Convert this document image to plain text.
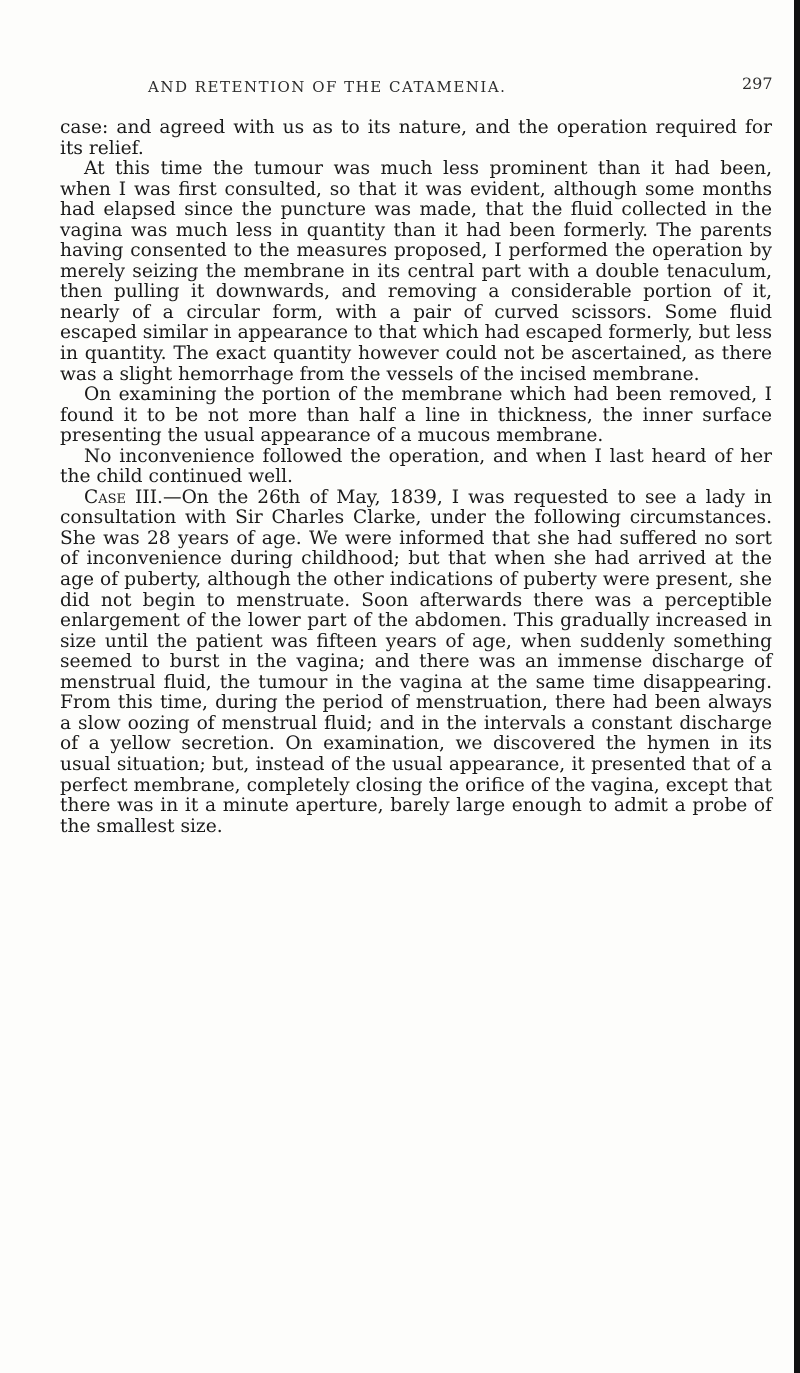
AND RETENTION OF THE CATAMENIA.	297

case: and agreed with us as to its nature, and the operation required for its relief.

At this time the tumour was much less prominent than it had been, when I was first consulted, so that it was evident, although some months had elapsed since the puncture was made, that the fluid collected in the vagina was much less in quantity than it had been formerly. The parents having consented to the measures proposed, I performed the operation by merely seizing the membrane in its central part with a double tenaculum, then pulling it downwards, and removing a considerable portion of it, nearly of a circular form, with a pair of curved scissors. Some fluid escaped similar in appearance to that which had escaped formerly, but less in quantity. The exact quantity however could not be ascertained, as there was a slight hemorrhage from the vessels of the incised membrane.

On examining the portion of the membrane which had been removed, I found it to be not more than half a line in thickness, the inner surface presenting the usual appearance of a mucous membrane.

No inconvenience followed the operation, and when I last heard of her the child continued well.

Case III.—On the 26th of May, 1839, I was requested to see a lady in consultation with Sir Charles Clarke, under the following circumstances. She was 28 years of age. We were informed that she had suffered no sort of inconvenience during childhood; but that when she had arrived at the age of puberty, although the other indications of puberty were present, she did not begin to menstruate. Soon afterwards there was a perceptible enlargement of the lower part of the abdomen. This gradually increased in size until the patient was fifteen years of age, when suddenly something seemed to burst in the vagina; and there was an immense discharge of menstrual fluid, the tumour in the vagina at the same time disappearing. From this time, during the period of menstruation, there had been always a slow oozing of menstrual fluid; and in the intervals a constant discharge of a yellow secretion. On examination, we discovered the hymen in its usual situation; but, instead of the usual appearance, it presented that of a perfect membrane, completely closing the orifice of the vagina, except that there was in it a minute aperture, barely large enough to admit a probe of the smallest size.
